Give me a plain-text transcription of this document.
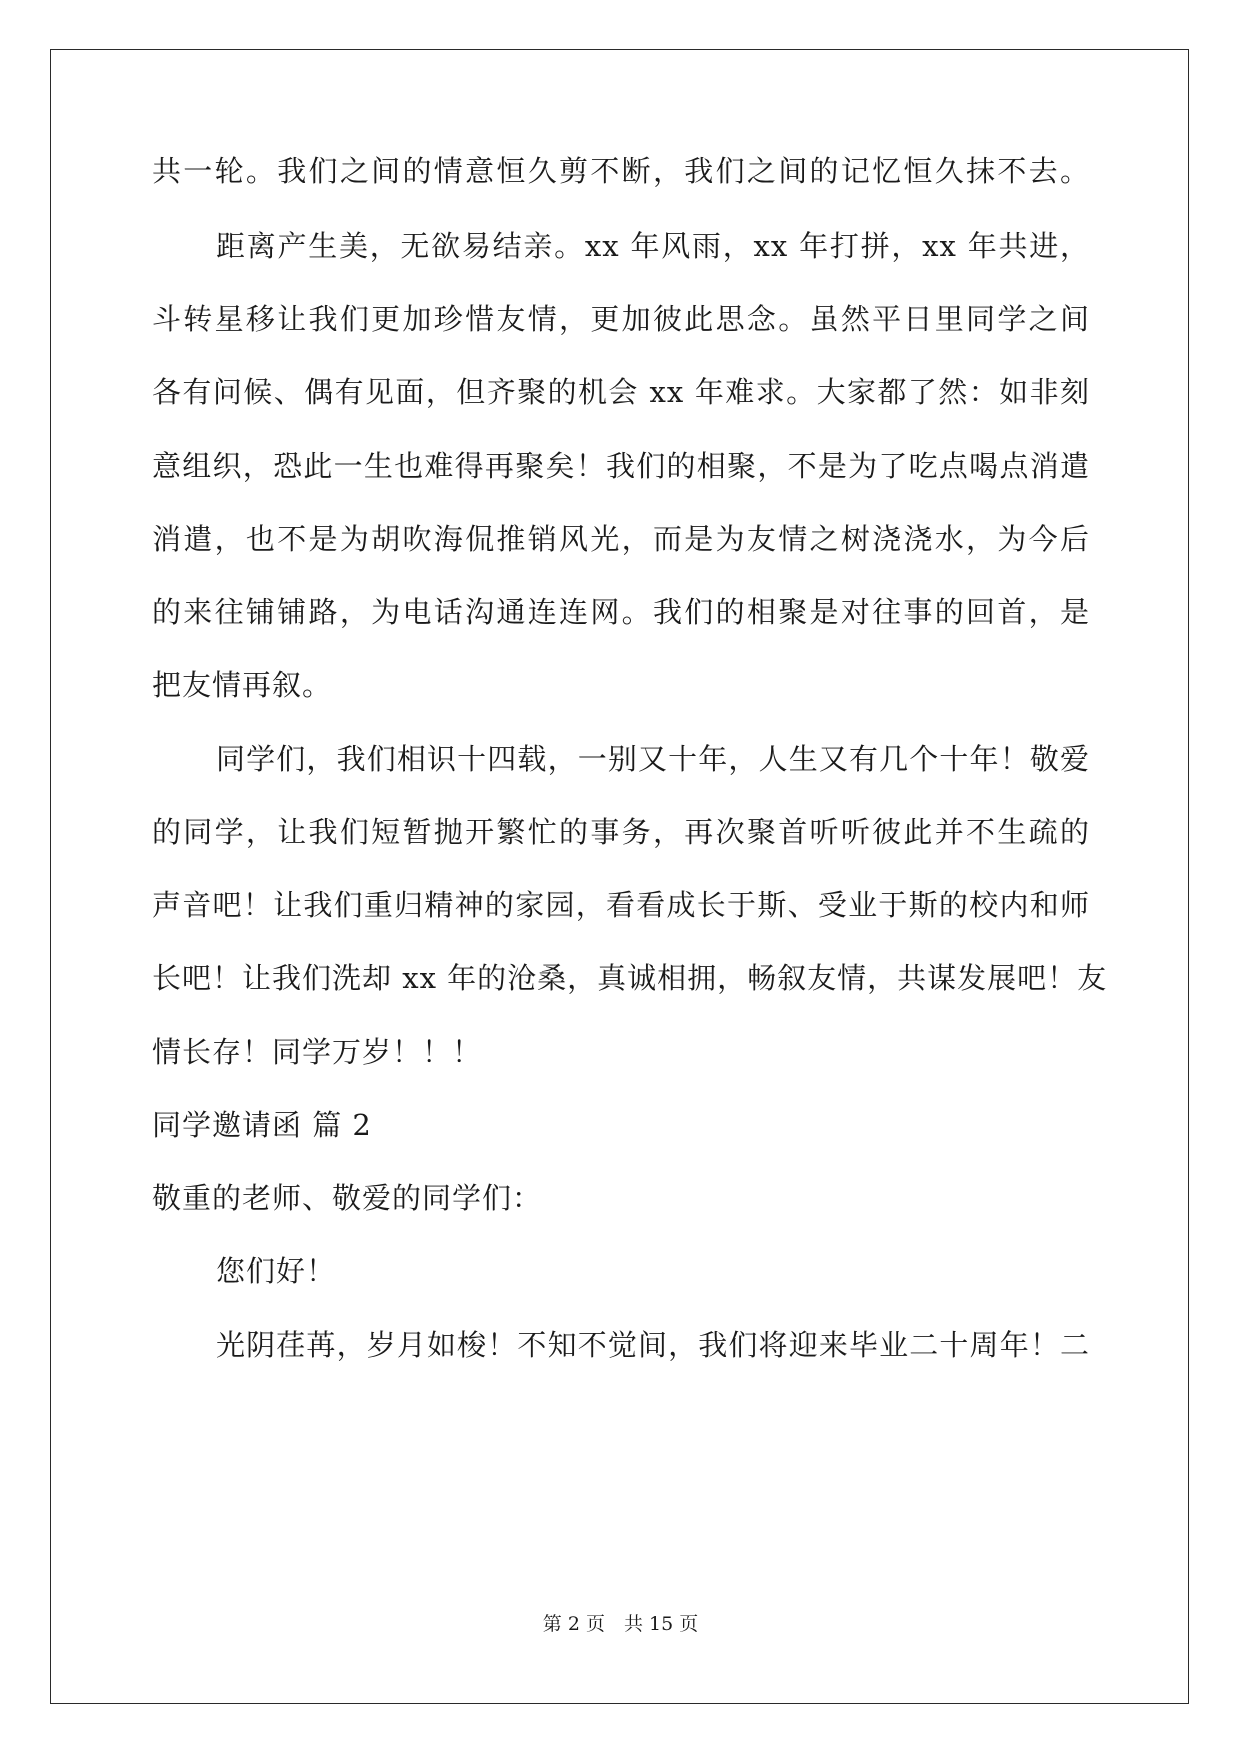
共一轮。我们之间的情意恒久剪不断，我们之间的记忆恒久抹不去。
距离产生美，无欲易结亲。xx 年风雨，xx 年打拼，xx 年共进，
斗转星移让我们更加珍惜友情，更加彼此思念。虽然平日里同学之间
各有问候、偶有见面，但齐聚的机会 xx 年难求。大家都了然：如非刻
意组织，恐此一生也难得再聚矣！我们的相聚，不是为了吃点喝点消遣
消遣，也不是为胡吹海侃推销风光，而是为友情之树浇浇水，为今后
的来往铺铺路，为电话沟通连连网。我们的相聚是对往事的回首，是
把友情再叙。
同学们，我们相识十四载，一别又十年，人生又有几个十年！敬爱
的同学，让我们短暂抛开繁忙的事务，再次聚首听听彼此并不生疏的
声音吧！让我们重归精神的家园，看看成长于斯、受业于斯的校内和师
长吧！让我们洗却 xx 年的沧桑，真诚相拥，畅叙友情，共谋发展吧！友
情长存！同学万岁！！！
同学邀请函 篇 2
敬重的老师、敬爱的同学们：
您们好！
光阴荏苒，岁月如梭！不知不觉间，我们将迎来毕业二十周年！二
第 2 页　共 15 页
